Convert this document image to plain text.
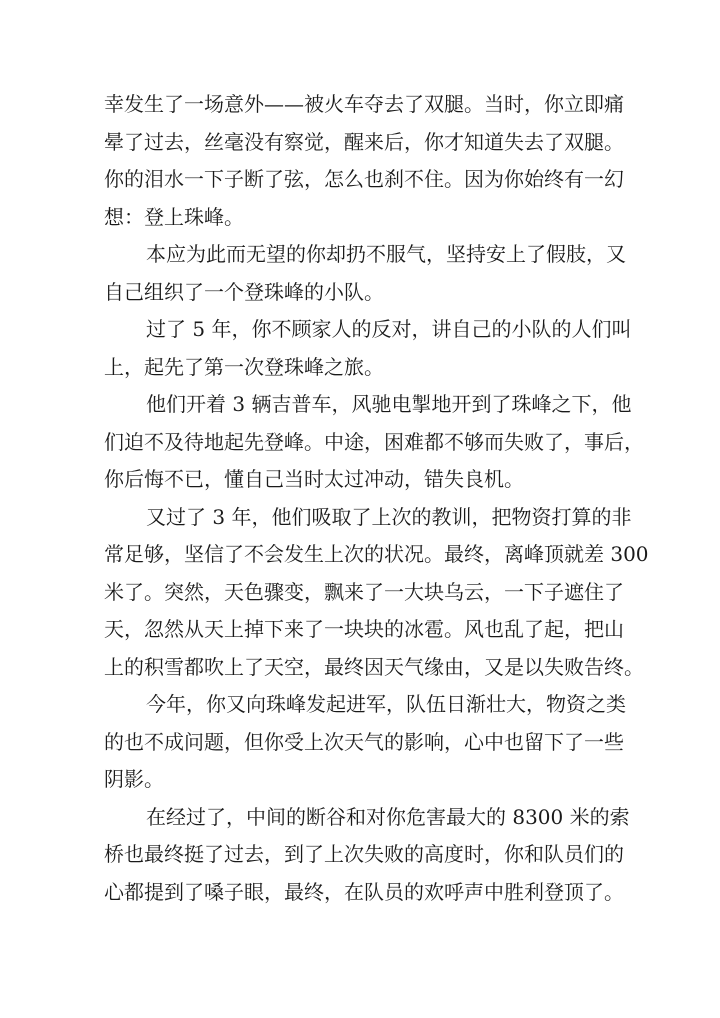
幸发生了一场意外——被火车夺去了双腿。当时，你立即痛
晕了过去，丝毫没有察觉，醒来后，你才知道失去了双腿。
你的泪水一下子断了弦，怎么也刹不住。因为你始终有一幻
想：登上珠峰。
本应为此而无望的你却扔不服气，坚持安上了假肢，又
自己组织了一个登珠峰的小队。
过了 5 年，你不顾家人的反对，讲自己的小队的人们叫
上，起先了第一次登珠峰之旅。
他们开着 3 辆吉普车，风驰电掣地开到了珠峰之下，他
们迫不及待地起先登峰。中途，困难都不够而失败了，事后，
你后悔不已，懂自己当时太过冲动，错失良机。
又过了 3 年，他们吸取了上次的教训，把物资打算的非
常足够，坚信了不会发生上次的状况。最终，离峰顶就差 300
米了。突然，天色骤变，飘来了一大块乌云，一下子遮住了
天，忽然从天上掉下来了一块块的冰雹。风也乱了起，把山
上的积雪都吹上了天空，最终因天气缘由，又是以失败告终。
今年，你又向珠峰发起进军，队伍日渐壮大，物资之类
的也不成问题，但你受上次天气的影响，心中也留下了一些
阴影。
在经过了，中间的断谷和对你危害最大的 8300 米的索
桥也最终挺了过去，到了上次失败的高度时，你和队员们的
心都提到了嗓子眼，最终，在队员的欢呼声中胜利登顶了。
